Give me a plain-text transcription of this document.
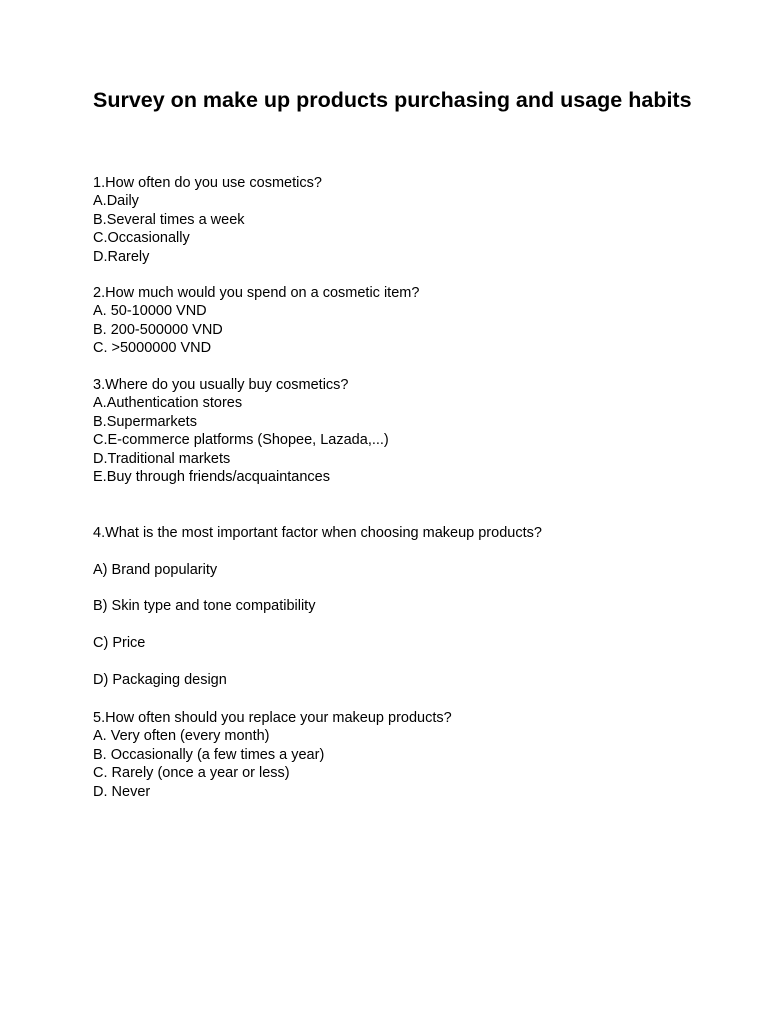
Survey on make up products purchasing and usage habits
1.How often do you use cosmetics?
A.Daily
B.Several times a week
C.Occasionally
D.Rarely
2.How much would you spend on a cosmetic item?
A. 50-10000 VND
B. 200-500000 VND
C. >5000000 VND
3.Where do you usually buy cosmetics?
A.Authentication stores
B.Supermarkets
C.E-commerce platforms (Shopee, Lazada,...)
D.Traditional markets
E.Buy through friends/acquaintances
4.What is the most important factor when choosing makeup products?
A) Brand popularity
B) Skin type and tone compatibility
C) Price
D) Packaging design
5.How often should you replace your makeup products?
A. Very often (every month)
B. Occasionally (a few times a year)
C. Rarely (once a year or less)
D. Never
